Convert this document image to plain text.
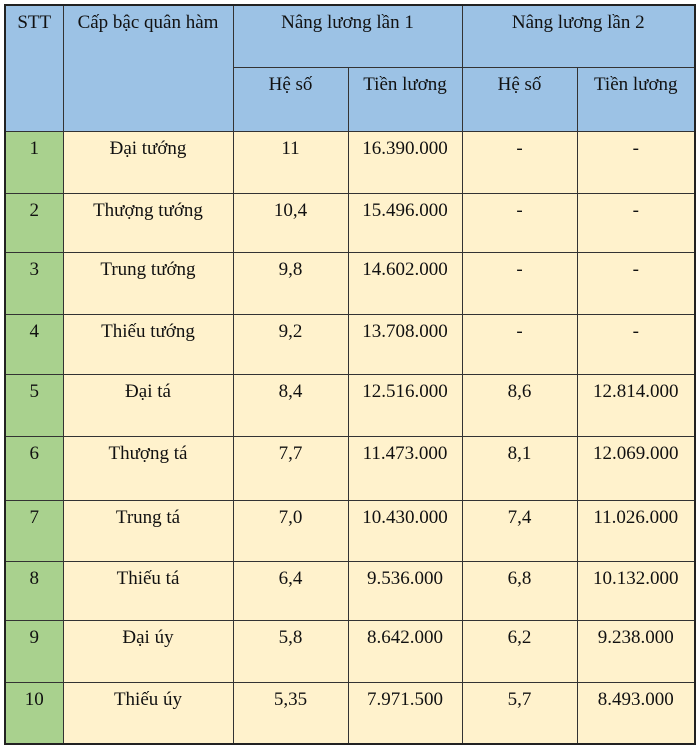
STT	Cấp bậc quân hàm	Nâng lương lần 1		Nâng lương lần 2	
		Hệ số	Tiền lương	Hệ số	Tiền lương
1	Đại tướng	11	16.390.000	-	-
2	Thượng tướng	10,4	15.496.000	-	-
3	Trung tướng	9,8	14.602.000	-	-
4	Thiếu tướng	9,2	13.708.000	-	-
5	Đại tá	8,4	12.516.000	8,6	12.814.000
6	Thượng tá	7,7	11.473.000	8,1	12.069.000
7	Trung tá	7,0	10.430.000	7,4	11.026.000
8	Thiếu tá	6,4	9.536.000	6,8	10.132.000
9	Đại úy	5,8	8.642.000	6,2	9.238.000
10	Thiếu úy	5,35	7.971.500	5,7	8.493.000
